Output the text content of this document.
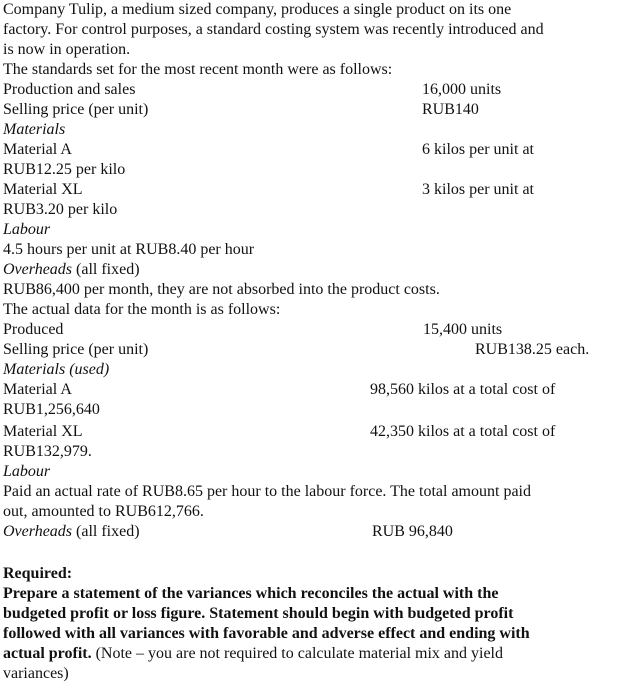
Company Tulip, a medium sized company, produces a single product on its one
factory. For control purposes, a standard costing system was recently introduced and
is now in operation.
The standards set for the most recent month were as follows:
Production and sales	16,000 units
Selling price (per unit)	RUB140
Materials
Material A	6 kilos per unit at
RUB12.25 per kilo
Material XL	3 kilos per unit at
RUB3.20 per kilo
Labour
4.5 hours per unit at RUB8.40 per hour
Overheads (all fixed)
RUB86,400 per month, they are not absorbed into the product costs.
The actual data for the month is as follows:
Produced	15,400 units
Selling price (per unit)	RUB138.25 each.
Materials (used)
Material A	98,560 kilos at a total cost of
RUB1,256,640
Material XL	42,350 kilos at a total cost of
RUB132,979.
Labour
Paid an actual rate of RUB8.65 per hour to the labour force. The total amount paid
out, amounted to RUB612,766.
Overheads (all fixed)	RUB 96,840
Required:
Prepare a statement of the variances which reconciles the actual with the
budgeted profit or loss figure. Statement should begin with budgeted profit
followed with all variances with favorable and adverse effect and ending with
actual profit. (Note – you are not required to calculate material mix and yield
variances)
